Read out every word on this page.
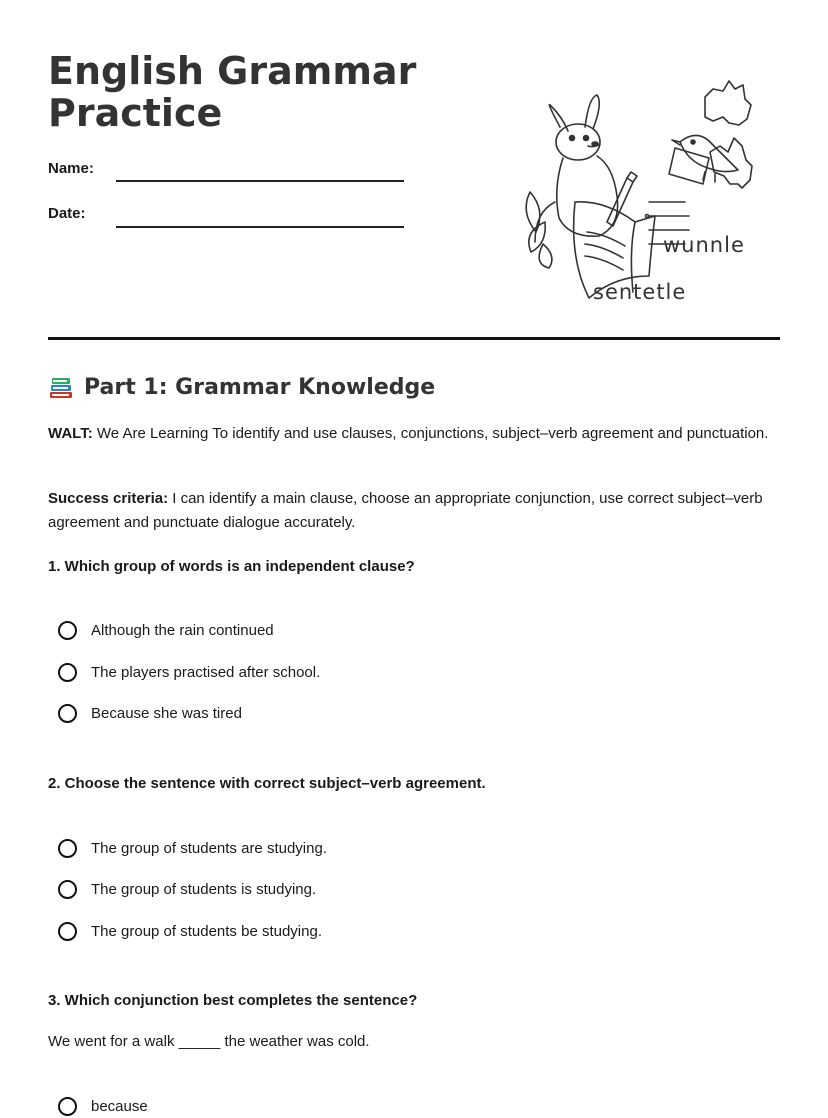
English Grammar Practice
Name:
Date:
wunnle
sentetle
Part 1: Grammar Knowledge

WALT: We Are Learning To identify and use clauses, conjunctions, subject–verb agreement and punctuation.

Success criteria: I can identify a main clause, choose an appropriate conjunction, use correct subject–verb agreement and punctuate dialogue accurately.

1. Which group of words is an independent clause?

Although the rain continued
The players practised after school.
Because she was tired

2. Choose the sentence with correct subject–verb agreement.

The group of students are studying.
The group of students is studying.
The group of students be studying.

3. Which conjunction best completes the sentence?

We went for a walk _____ the weather was cold.

because
